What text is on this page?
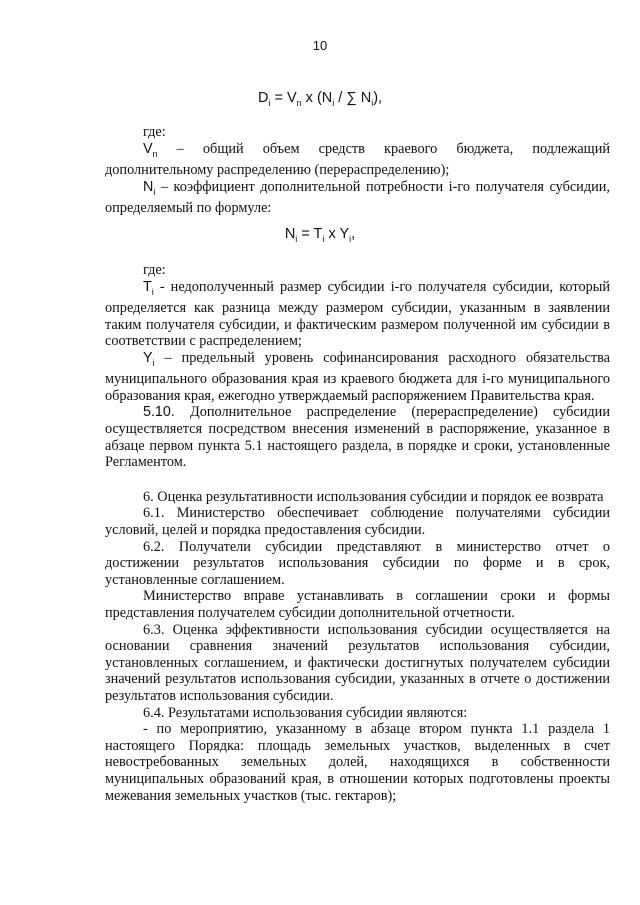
10
$D_i = V_n$ x ($N_i$ / ∑ $N_i$),

где:

$V_n$ – общий объем средств краевого бюджета, подлежащий дополнительному распределению (перераспределению);

$N_i$ – коэффициент дополнительной потребности i-го получателя субсидии, определяемый по формуле:

$N_i = T_i$ x $Y_i$,

где:

$T_i$ - недополученный размер субсидии i-го получателя субсидии, который определяется как разница между размером субсидии, указанным в заявлении таким получателя субсидии, и фактическим размером полученной им субсидии в соответствии с распределением;

$Y_i$ – предельный уровень софинансирования расходного обязательства муниципального образования края из краевого бюджета для i-го муниципального образования края, ежегодно утверждаемый распоряжением Правительства края.

5.10. Дополнительное распределение (перераспределение) субсидии осуществляется посредством внесения изменений в распоряжение, указанное в абзаце первом пункта 5.1 настоящего раздела, в порядке и сроки, установленные Регламентом.

6. Оценка результативности использования субсидии и порядок ее возврата

6.1. Министерство обеспечивает соблюдение получателями субсидии условий, целей и порядка предоставления субсидии.

6.2. Получатели субсидии представляют в министерство отчет о достижении результатов использования субсидии по форме и в срок, установленные соглашением.

Министерство вправе устанавливать в соглашении сроки и формы представления получателем субсидии дополнительной отчетности.

6.3. Оценка эффективности использования субсидии осуществляется на основании сравнения значений результатов использования субсидии, установленных соглашением, и фактически достигнутых получателем субсидии значений результатов использования субсидии, указанных в отчете о достижении результатов использования субсидии.

6.4. Результатами использования субсидии являются:

- по мероприятию, указанному в абзаце втором пункта 1.1 раздела 1 настоящего Порядка: площадь земельных участков, выделенных в счет невостребованных земельных долей, находящихся в собственности муниципальных образований края, в отношении которых подготовлены проекты межевания земельных участков (тыс. гектаров);
